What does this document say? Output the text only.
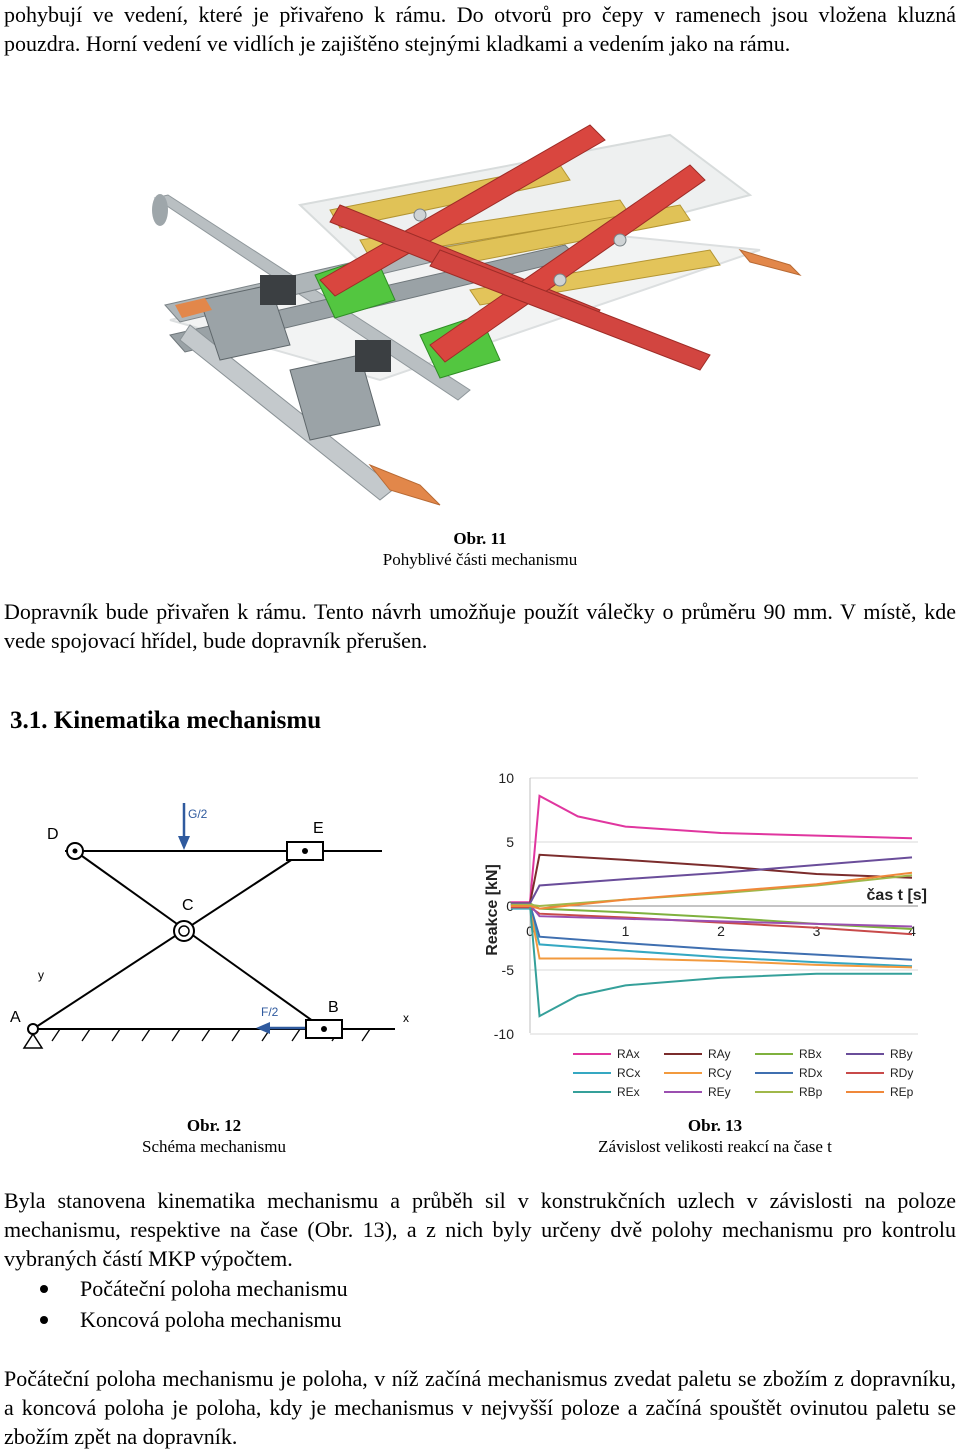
pohybují ve vedení, které je přivařeno k rámu. Do otvorů pro čepy v ramenech jsou vložena kluzná pouzdra. Horní vedení ve vidlích je zajištěno stejnými kladkami a vedením jako na rámu.
Obr. 11
Pohyblivé části mechanismu
Dopravník bude přivařen k rámu. Tento návrh umožňuje použít válečky o průměru 90 mm. V místě, kde vede spojovací hřídel, bude dopravník přerušen.
3.1. Kinematika mechanismu
D	E
C
A
B
G/2
F/2	x
y
Obr. 12
Schéma mechanismu
10
5
0
-5
-10
0	1	2	3	4
Reakce [kN]	čas t [s]
RAx	RAy	RBx	RBy
RCx	RCy	RDx	RDy
REx	REy	RBp	REp
Obr. 13
Závislost velikosti reakcí na čase t
Byla stanovena kinematika mechanismu a průběh sil v konstrukčních uzlech v závislosti na poloze mechanismu, respektive na čase (Obr. 13), a z nich byly určeny dvě polohy mechanismu pro kontrolu vybraných částí MKP výpočtem.
Počáteční poloha mechanismu
Koncová poloha mechanismu
Počáteční poloha mechanismu je poloha, v níž začíná mechanismus zvedat paletu se zbožím z dopravníku, a koncová poloha je poloha, kdy je mechanismus v nejvyšší poloze a začíná spouštět ovinutou paletu se zbožím zpět na dopravník.
